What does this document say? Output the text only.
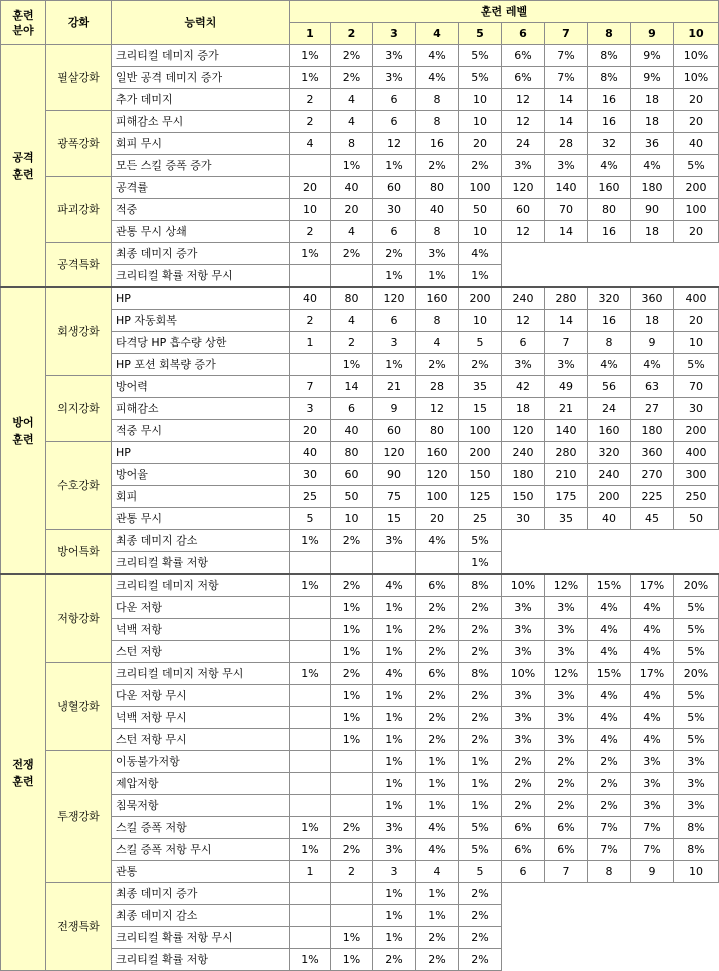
훈련
분야	강화	능력치	훈련 레벨									
			1	2	3	4	5	6	7	8	9	10
공격
훈련	필살강화	크리티컬 데미지 증가	1%	2%	3%	4%	5%	6%	7%	8%	9%	10%
		일반 공격 데미지 증가	1%	2%	3%	4%	5%	6%	7%	8%	9%	10%
		추가 데미지	2	4	6	8	10	12	14	16	18	20
	광폭강화	피해감소 무시	2	4	6	8	10	12	14	16	18	20
		회피 무시	4	8	12	16	20	24	28	32	36	40
		모든 스킬 증폭 증가		1%	1%	2%	2%	3%	3%	4%	4%	5%
	파괴강화	공격률	20	40	60	80	100	120	140	160	180	200
		적중	10	20	30	40	50	60	70	80	90	100
		관통 무시 상쇄	2	4	6	8	10	12	14	16	18	20
	공격특화	최종 데미지 증가	1%	2%	2%	3%	4%					
		크리티컬 확률 저항 무시			1%	1%	1%					
방어
훈련	회생강화	HP	40	80	120	160	200	240	280	320	360	400
		HP 자동회복	2	4	6	8	10	12	14	16	18	20
		타격당 HP 흡수량 상한	1	2	3	4	5	6	7	8	9	10
		HP 포션 회복량 증가		1%	1%	2%	2%	3%	3%	4%	4%	5%
	의지강화	방어력	7	14	21	28	35	42	49	56	63	70
		피해감소	3	6	9	12	15	18	21	24	27	30
		적중 무시	20	40	60	80	100	120	140	160	180	200
	수호강화	HP	40	80	120	160	200	240	280	320	360	400
		방어율	30	60	90	120	150	180	210	240	270	300
		회피	25	50	75	100	125	150	175	200	225	250
		관통 무시	5	10	15	20	25	30	35	40	45	50
	방어특화	최종 데미지 감소	1%	2%	3%	4%	5%					
		크리티컬 확률 저항					1%					
전쟁
훈련	저항강화	크리티컬 데미지 저항	1%	2%	4%	6%	8%	10%	12%	15%	17%	20%
		다운 저항		1%	1%	2%	2%	3%	3%	4%	4%	5%
		넉백 저항		1%	1%	2%	2%	3%	3%	4%	4%	5%
		스턴 저항		1%	1%	2%	2%	3%	3%	4%	4%	5%
	냉혈강화	크리티컬 데미지 저항 무시	1%	2%	4%	6%	8%	10%	12%	15%	17%	20%
		다운 저항 무시		1%	1%	2%	2%	3%	3%	4%	4%	5%
		넉백 저항 무시		1%	1%	2%	2%	3%	3%	4%	4%	5%
		스턴 저항 무시		1%	1%	2%	2%	3%	3%	4%	4%	5%
	투쟁강화	이동불가저항			1%	1%	1%	2%	2%	2%	3%	3%
		제압저항			1%	1%	1%	2%	2%	2%	3%	3%
		침묵저항			1%	1%	1%	2%	2%	2%	3%	3%
		스킬 증폭 저항	1%	2%	3%	4%	5%	6%	6%	7%	7%	8%
		스킬 증폭 저항 무시	1%	2%	3%	4%	5%	6%	6%	7%	7%	8%
		관통	1	2	3	4	5	6	7	8	9	10
	전쟁특화	최종 데미지 증가			1%	1%	2%					
		최종 데미지 감소			1%	1%	2%					
		크리티컬 확률 저항 무시		1%	1%	2%	2%					
		크리티컬 확률 저항	1%	1%	2%	2%	2%					
